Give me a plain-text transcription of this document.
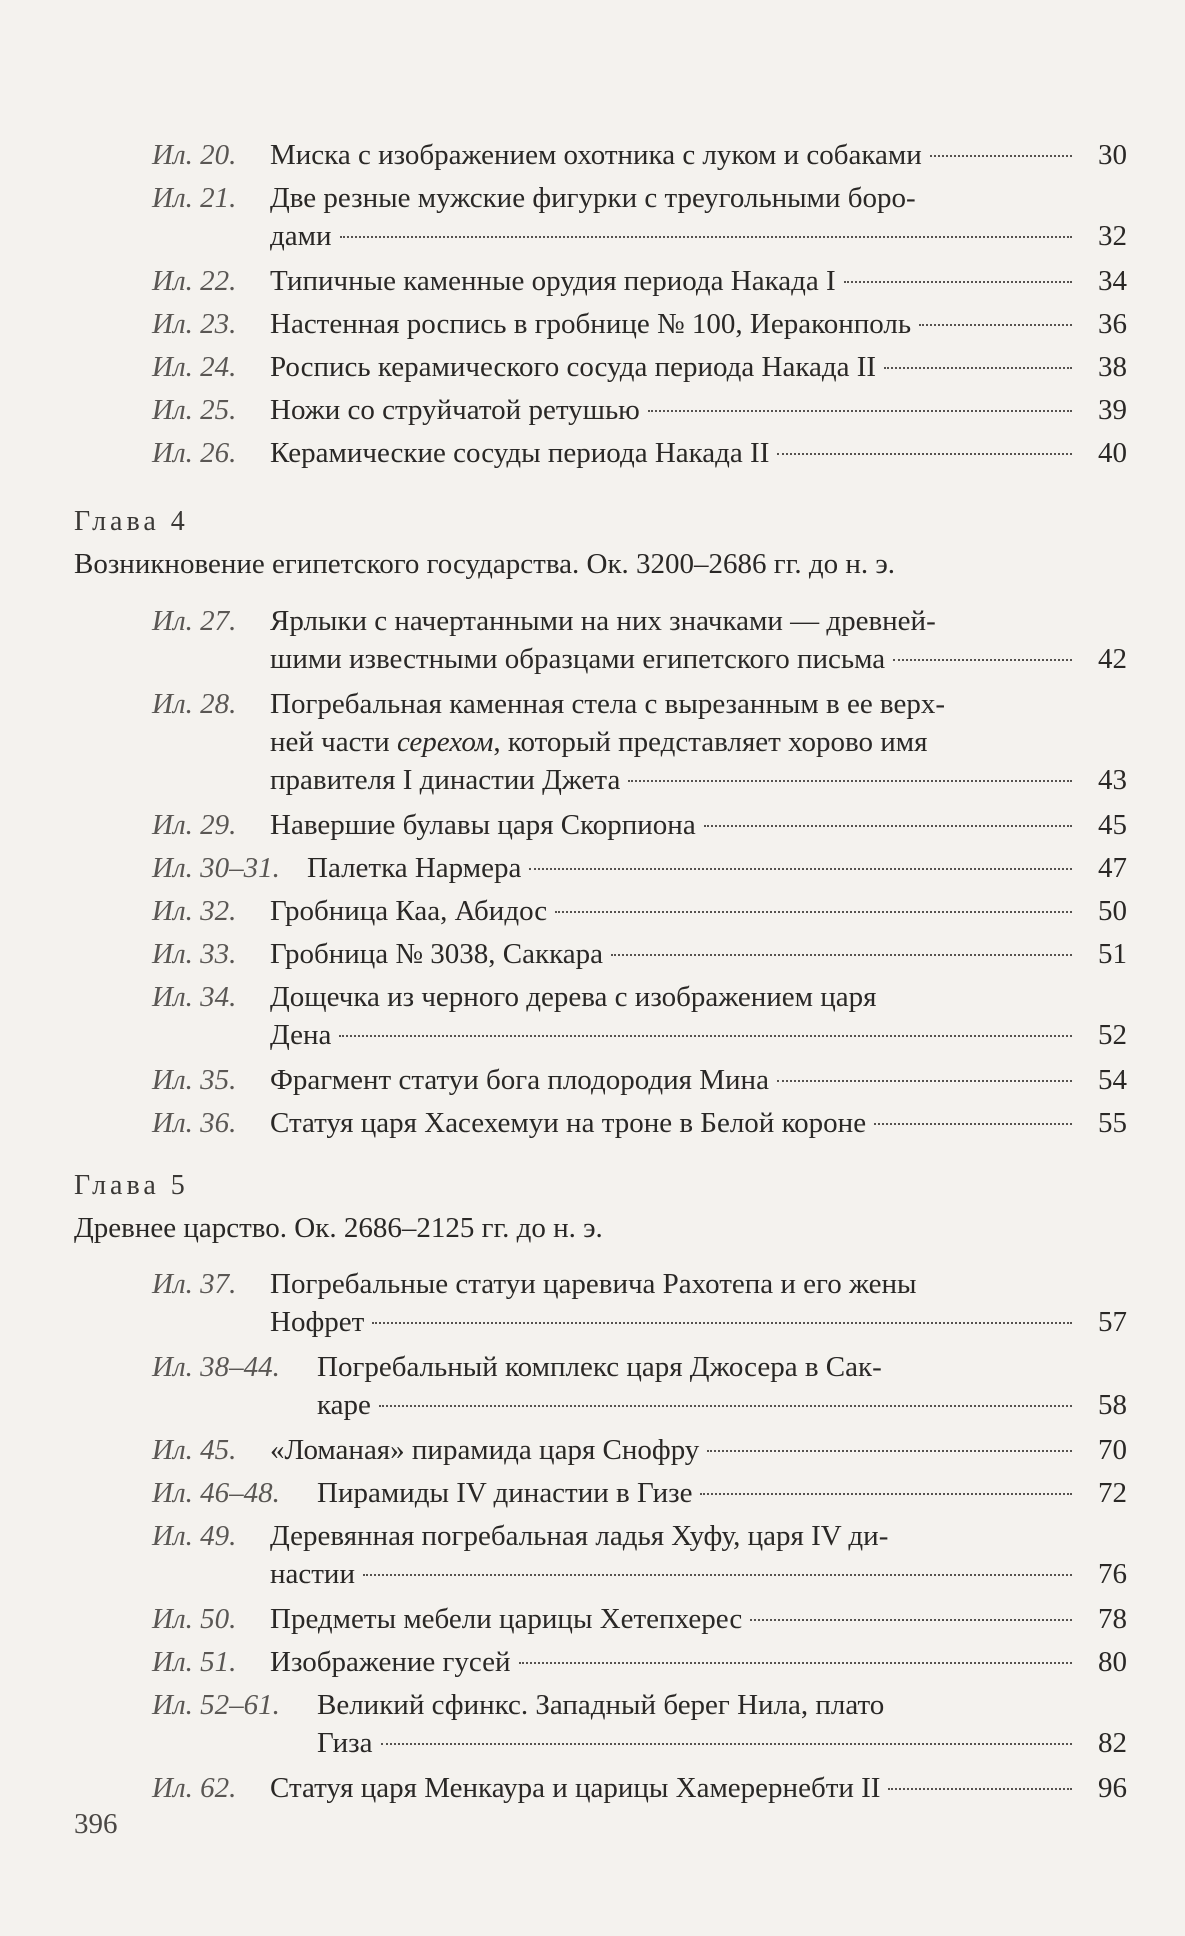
Ил. 20. Миска с изображением охотника с луком и собаками	30
Ил. 21. Две резные мужские фигурки с треугольными боро-
дами	32
Ил. 22. Типичные каменные орудия периода Накада I	34
Ил. 23. Настенная роспись в гробнице № 100, Иераконполь	36
Ил. 24. Роспись керамического сосуда периода Накада II	38
Ил. 25. Ножи со струйчатой ретушью	39
Ил. 26. Керамические сосуды периода Накада II	40
Глава 4
Возникновение египетского государства. Ок. 3200–2686 гг. до н. э.
Ил. 27. Ярлыки с начертанными на них значками — древней-
шими известными образцами египетского письма	42
Ил. 28. Погребальная каменная стела с вырезанным в ее верх-
ней части серехом, который представляет хорово имя
правителя I династии Джета	43
Ил. 29. Навершие булавы царя Скорпиона	45
Ил. 30–31. Палетка Нармера	47
Ил. 32. Гробница Каа, Абидос	50
Ил. 33. Гробница № 3038, Саккара	51
Ил. 34. Дощечка из черного дерева с изображением царя
Дена	52
Ил. 35. Фрагмент статуи бога плодородия Мина	54
Ил. 36. Статуя царя Хасехемуи на троне в Белой короне	55
Глава 5
Древнее царство. Ок. 2686–2125 гг. до н. э.
Ил. 37. Погребальные статуи царевича Рахотепа и его жены
Нофрет	57
Ил. 38–44. Погребальный комплекс царя Джосера в Сак-
каре	58
Ил. 45. «Ломаная» пирамида царя Снофру	70
Ил. 46–48. Пирамиды IV династии в Гизе	72
Ил. 49. Деревянная погребальная ладья Хуфу, царя IV ди-
настии	76
Ил. 50. Предметы мебели царицы Хетепхерес	78
Ил. 51. Изображение гусей	80
Ил. 52–61. Великий сфинкс. Западный берег Нила, плато
Гиза	82
Ил. 62. Статуя царя Менкаура и царицы Хамерернебти II	96
396
